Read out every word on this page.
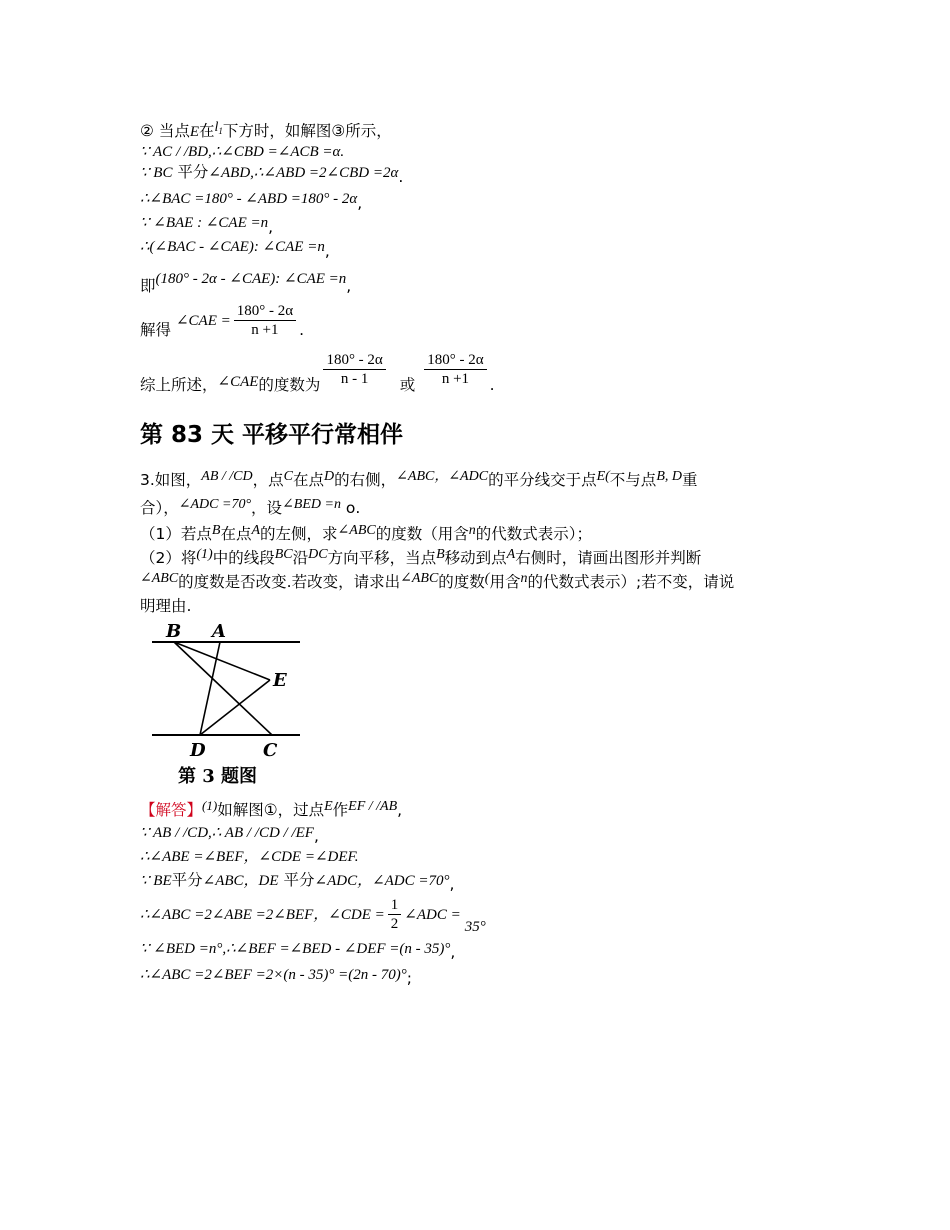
② 当点E在l1下方时，如解图③所示，
∵ AC / /BD,∴∠CBD =∠ACB =α.
∵ BC 平分∠ABD,∴∠ABD =2∠CBD =2α.
∴∠BAC =180° - ∠ABD =180° - 2α,
∵ ∠BAE : ∠CAE =n,
∴(∠BAC - ∠CAE): ∠CAE =n,
即(180° - 2α - ∠CAE): ∠CAE =n,
解得 ∠CAE = $\frac{180^\circ - 2\alpha}{n +1}$ .
综上所述，∠CAE的度数为 $\frac{180^\circ - 2\alpha}{n - 1}$ 或 $\frac{180^\circ - 2\alpha}{n +1}$ .
第 83 天 平移平行常相伴
3.如图，AB / /CD，点C在点D的右侧，∠ABC，∠ADC的平分线交于点E(不与点B, D重
合），∠ADC =70°，设∠BED =n ο.
（1）若点B在点A的左侧，求∠ABC的度数（用含n的代数式表示）；
（2）将(1)中的线段BC沿DC方向平移，当点B移动到点A右侧时，请画出图形并判断
∠ABC的度数是否改变.若改变，请求出∠ABC的度数(用含n的代数式表示）;若不变，请说
明理由.
B A
E
D	C
第 3 题图
【解答】$^{(1)}$如解图①，过点E作EF / /AB,
∵ AB / /CD,∴ AB / /CD / /EF,
∴∠ABE =∠BEF，∠CDE =∠DEF.
∵ BE平分∠ABC，DE 平分∠ADC，∠ADC =70°,
∴∠ABC =2∠ABE =2∠BEF，∠CDE = $\frac{1}{2}$ ∠ADC =35°
∵ ∠BED =n°,∴∠BEF =∠BED - ∠DEF =(n - 35)°,
∴∠ABC =2∠BEF =2×(n - 35)° =(2n - 70)°;
